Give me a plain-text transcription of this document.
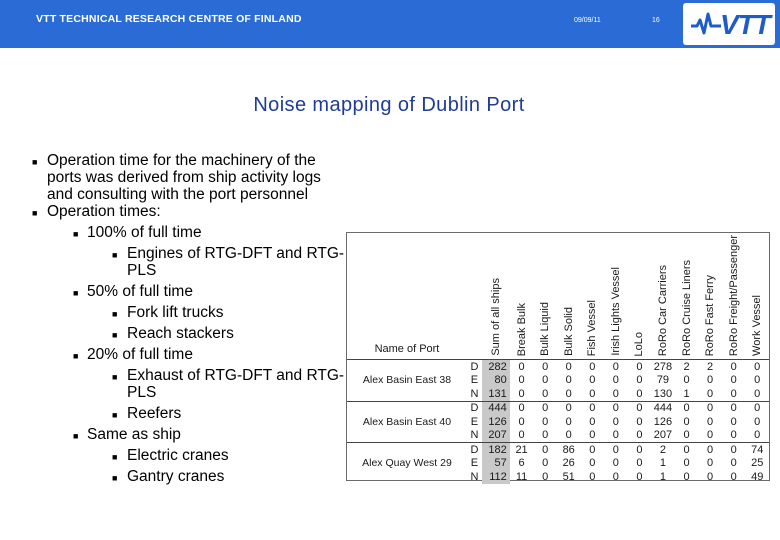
VTT TECHNICAL RESEARCH CENTRE OF FINLAND	09/09/11	16 VTT
Noise mapping of Dublin Port
■ Operation time for the machinery of the ports was derived from ship activity logs and consulting with the port personnel
■ Operation times:
■ 100% of full time
■ Engines of RTG-DFT and RTG-PLS
■ 50% of full time
■ Fork lift trucks
■ Reach stackers
■ 20% of full time
■ Exhaust of RTG-DFT and RTG-PLS
■ Reefers
■ Same as ship
■ Electric cranes
■ Gantry cranes
Name of Port		Sum of all ships	Break Bulk	Bulk Liquid	Bulk Solid	Fish Vessel	Irish Lights Vessel	LoLo	RoRo Car Carriers	RoRo Cruise Liners	RoRo Fast Ferry	RoRo Freight/Passenger	Work Vessel
Alex Basin East 38	D	282	0	0	0	0	0	0	278	2	2	0	0
	E	80	0	0	0	0	0	0	79	0	0	0	0
	N	131	0	0	0	0	0	0	130	1	0	0	0
Alex Basin East 40	D	444	0	0	0	0	0	0	444	0	0	0	0
	E	126	0	0	0	0	0	0	126	0	0	0	0
	N	207	0	0	0	0	0	0	207	0	0	0	0
Alex Quay West 29	D	182	21	0	86	0	0	0	2	0	0	0	74
	E	57	6	0	26	0	0	0	1	0	0	0	25
	N	112	11	0	51	0	0	0	1	0	0	0	49
